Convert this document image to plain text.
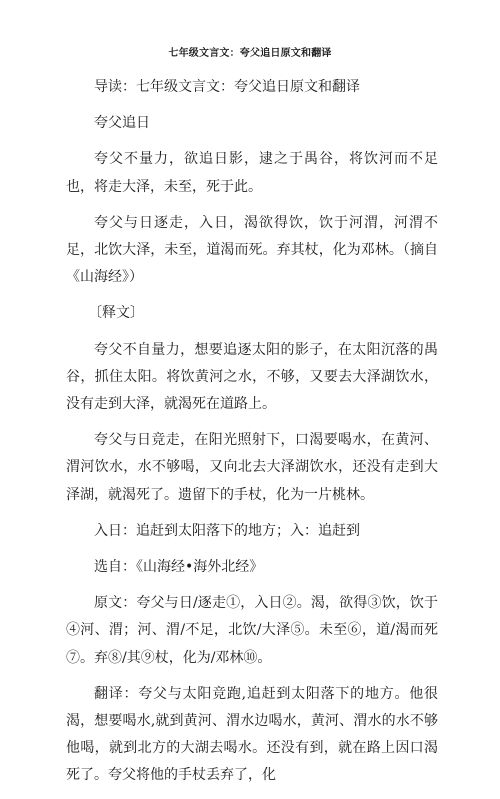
七年级文言文：夸父追日原文和翻译

导读：七年级文言文：夸父追日原文和翻译

夸父追日

夸父不量力，欲追日影，逮之于禺谷，将饮河而不足也，将走大泽，未至，死于此。

夸父与日逐走，入日，渴欲得饮，饮于河渭，河渭不足，北饮大泽，未至，道渴而死。弃其杖，化为邓林。（摘自《山海经》）

〔释文〕

夸父不自量力，想要追逐太阳的影子，在太阳沉落的禺谷，抓住太阳。将饮黄河之水，不够，又要去大泽湖饮水，没有走到大泽，就渴死在道路上。

夸父与日竞走，在阳光照射下，口渴要喝水，在黄河、渭河饮水，水不够喝，又向北去大泽湖饮水，还没有走到大泽湖，就渴死了。遗留下的手杖，化为一片桃林。

入日：追赶到太阳落下的地方；入：追赶到

选自：《山海经•海外北经》

原文：夸父与日/逐走①，入日②。渴，欲得③饮，饮于④河、渭；河、渭/不足，北饮/大泽⑤。未至⑥，道/渴而死⑦。弃⑧/其⑨杖，化为/邓林⑩。

翻译：夸父与太阳竞跑,追赶到太阳落下的地方。他很渴，想要喝水,就到黄河、渭水边喝水，黄河、渭水的水不够他喝，就到北方的大湖去喝水。还没有到，就在路上因口渴死了。夸父将他的手杖丢弃了，化
